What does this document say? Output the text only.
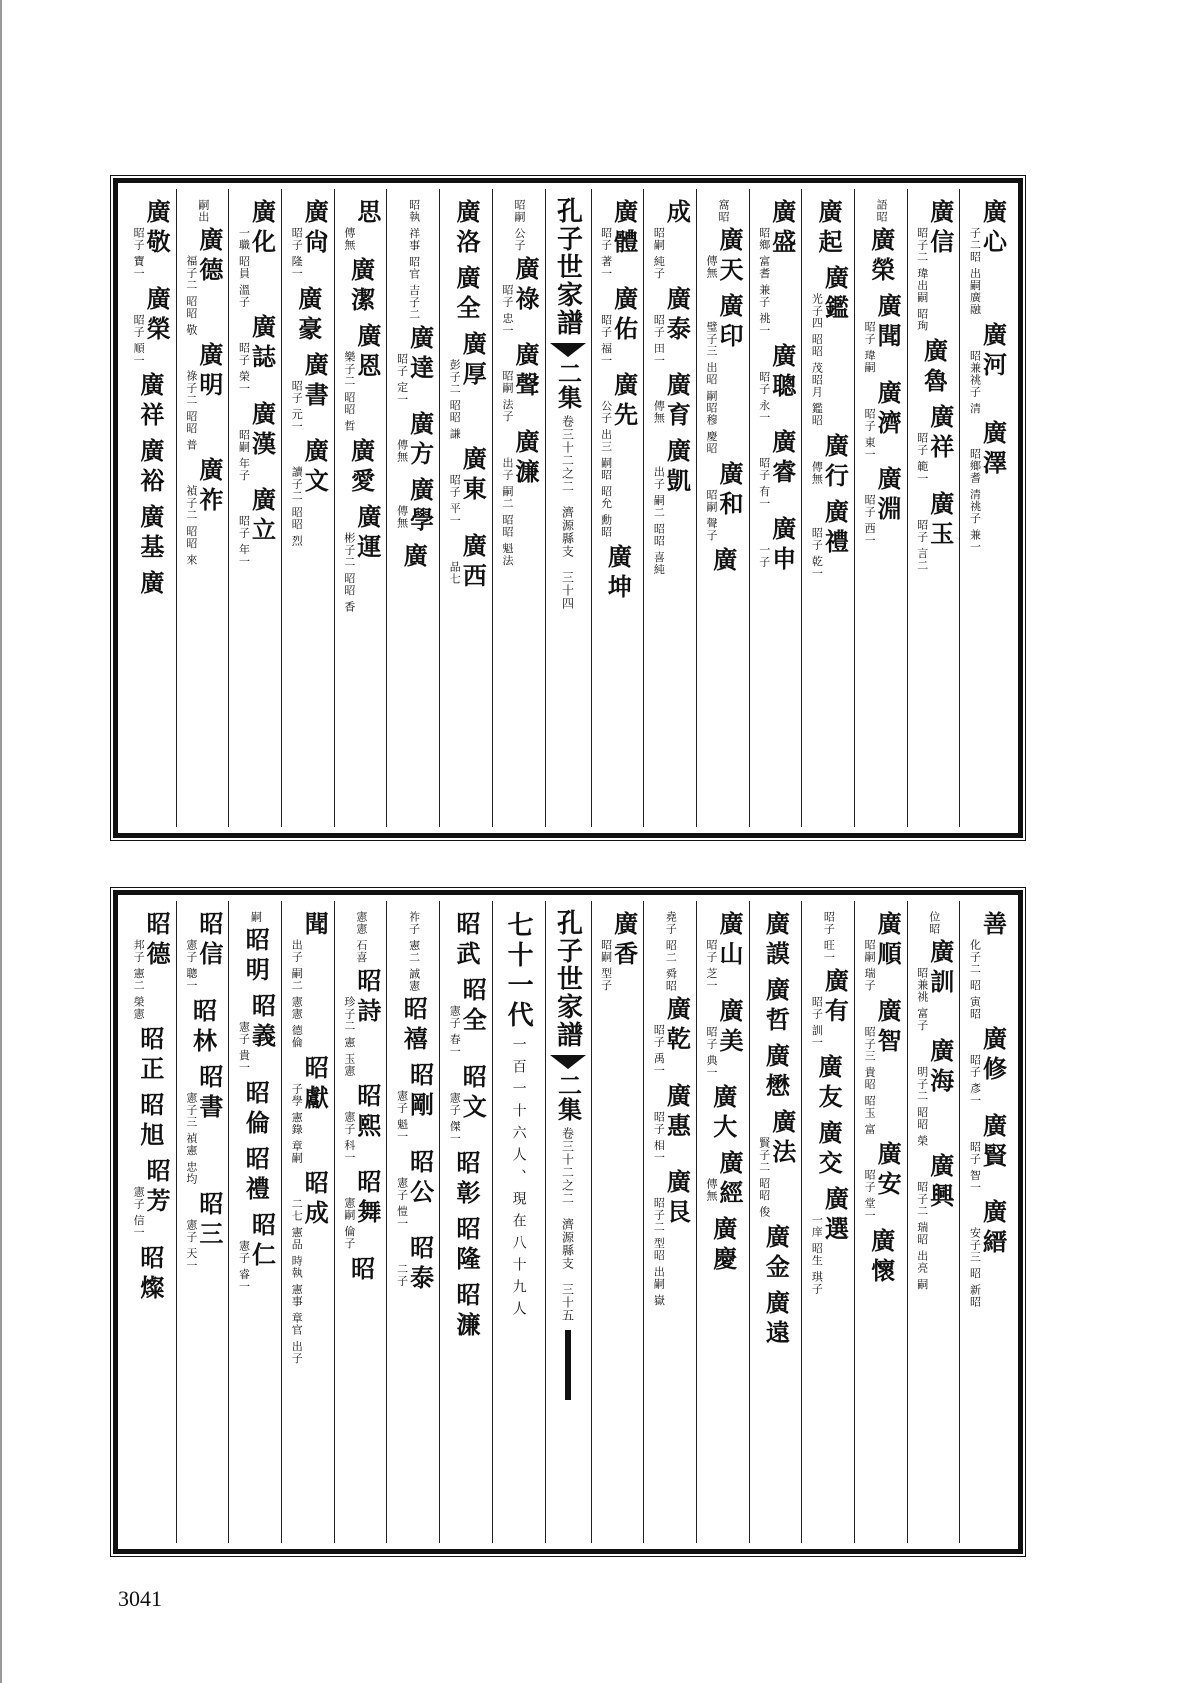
廣心
子二昭 出嗣廣融
廣河
昭兼祧子 清
廣澤
昭鄉耆 清祧子 兼一
廣信
昭子二 瑋出嗣 昭珣
廣魯
廣祥
昭子 範一
廣玉
昭子 言二
語昭
廣榮
廣聞
昭子 瑋嗣
廣濟
昭子 東一
廣淵
昭子 西一
廣起
廣鑑
光子四 昭昭 茂昭月 鑑昭
廣行
傳無
廣禮
昭子 乾一
廣盛
昭鄉 富耆 兼子 祧一
廣聰
昭子 永一
廣睿
昭子 有一
廣申
一子
窩昭
廣天
傳無
廣印
璧子三 出昭 嗣昭穆 慶昭
廣和
昭嗣 聲子
廣
成
昭嗣 純子
廣泰
昭子 田一
廣育
傳無
廣凱
出子 嗣二 昭昭 喜純
廣體
昭子 著一
廣佑
昭子 福一
廣先
公子 出三 嗣昭 昭允 勳昭
廣坤
孔子世家譜
二集
卷三十二之二　濟源縣支　三十四
昭嗣 公子
廣祿
昭子 忠一
廣聲
昭嗣 法子
廣濂
出子 嗣二 昭昭 魁法
廣洛
廣全
廣厚
彭子二 昭昭 謙
廣東
昭子 平一
廣西
品七
昭執 祥事 昭官 吉子二
廣達
昭子 定一
廣方
傳無
廣學
傳無
廣
思
傳無
廣潔
廣恩
樂子二 昭昭 哲
廣愛
廣運
彬子二 昭昭 香
廣尙
昭子 隆一
廣豪
廣書
昭子 元一
廣文
讀子二 昭昭 烈
廣化
一職 昭員 溫子
廣誌
昭子 榮一
廣漢
昭嗣 年子
廣立
昭子 年一
嗣出
廣德
福子二 昭昭 敬
廣明
祿子二 昭昭 普
廣祚
禎子二 昭昭 來
廣敬
昭子 寶一
廣榮
昭子 順一
廣祥
廣裕
廣基
廣
善
化子二 昭 寅昭
廣修
昭子 彥一
廣賢
昭子 智一
廣縉
安子三 昭 新昭
位昭
廣訓
昭兼祧 富子
廣海
明子二 昭昭 榮
廣興
昭子二 瑞昭 出亮 嗣
廣順
昭嗣 瑞子
廣智
昭子三 貴昭 昭玉 富
廣安
昭子 堂一
廣懷
昭子 旺一
廣有
昭子 訓一
廣友
廣交
廣選
一庠 昭生 琪子
廣謨
廣哲
廣懋
廣法
賢子二 昭昭 俊
廣金
廣遠
廣山
昭子 芝一
廣美
昭子 典一
廣大
廣經
傳無
廣慶
堯子 昭二 舜昭
廣乾
昭子 禹一
廣惠
昭子 相一
廣艮
昭子二 型昭 出嗣 嶽
廣香
昭嗣 型子
孔子世家譜
二集
卷三十二之二　濟源縣支　三十五
七十一代
一百一十六人、現在八十九人
昭武
昭全
憲子 春一
昭文
憲子 傑一
昭彰
昭隆
昭濂
祚子 憲二 誠憲
昭禧
昭剛
憲子 魁一
昭公
憲子 愷一
昭泰
二子
憲憲 石喜
昭詩
珍子二 憲 玉憲
昭熙
憲子 科一
昭舞
憲嗣 倫子
昭
聞
出子 嗣二 憲憲 德倫
昭獻
子學 憲錄 章嗣
昭成
二七 憲品 時執 憲事 章官 出子
嗣
昭明
昭義
憲子 貴一
昭倫
昭禮
昭仁
憲子 睿一
昭信
憲子 聰一
昭林
昭書
憲子三 禎憲 忠均
昭三
憲子 天一
昭德
邦子 憲二 榮憲
昭正
昭旭
昭芳
憲子 信一
昭燦
3041
